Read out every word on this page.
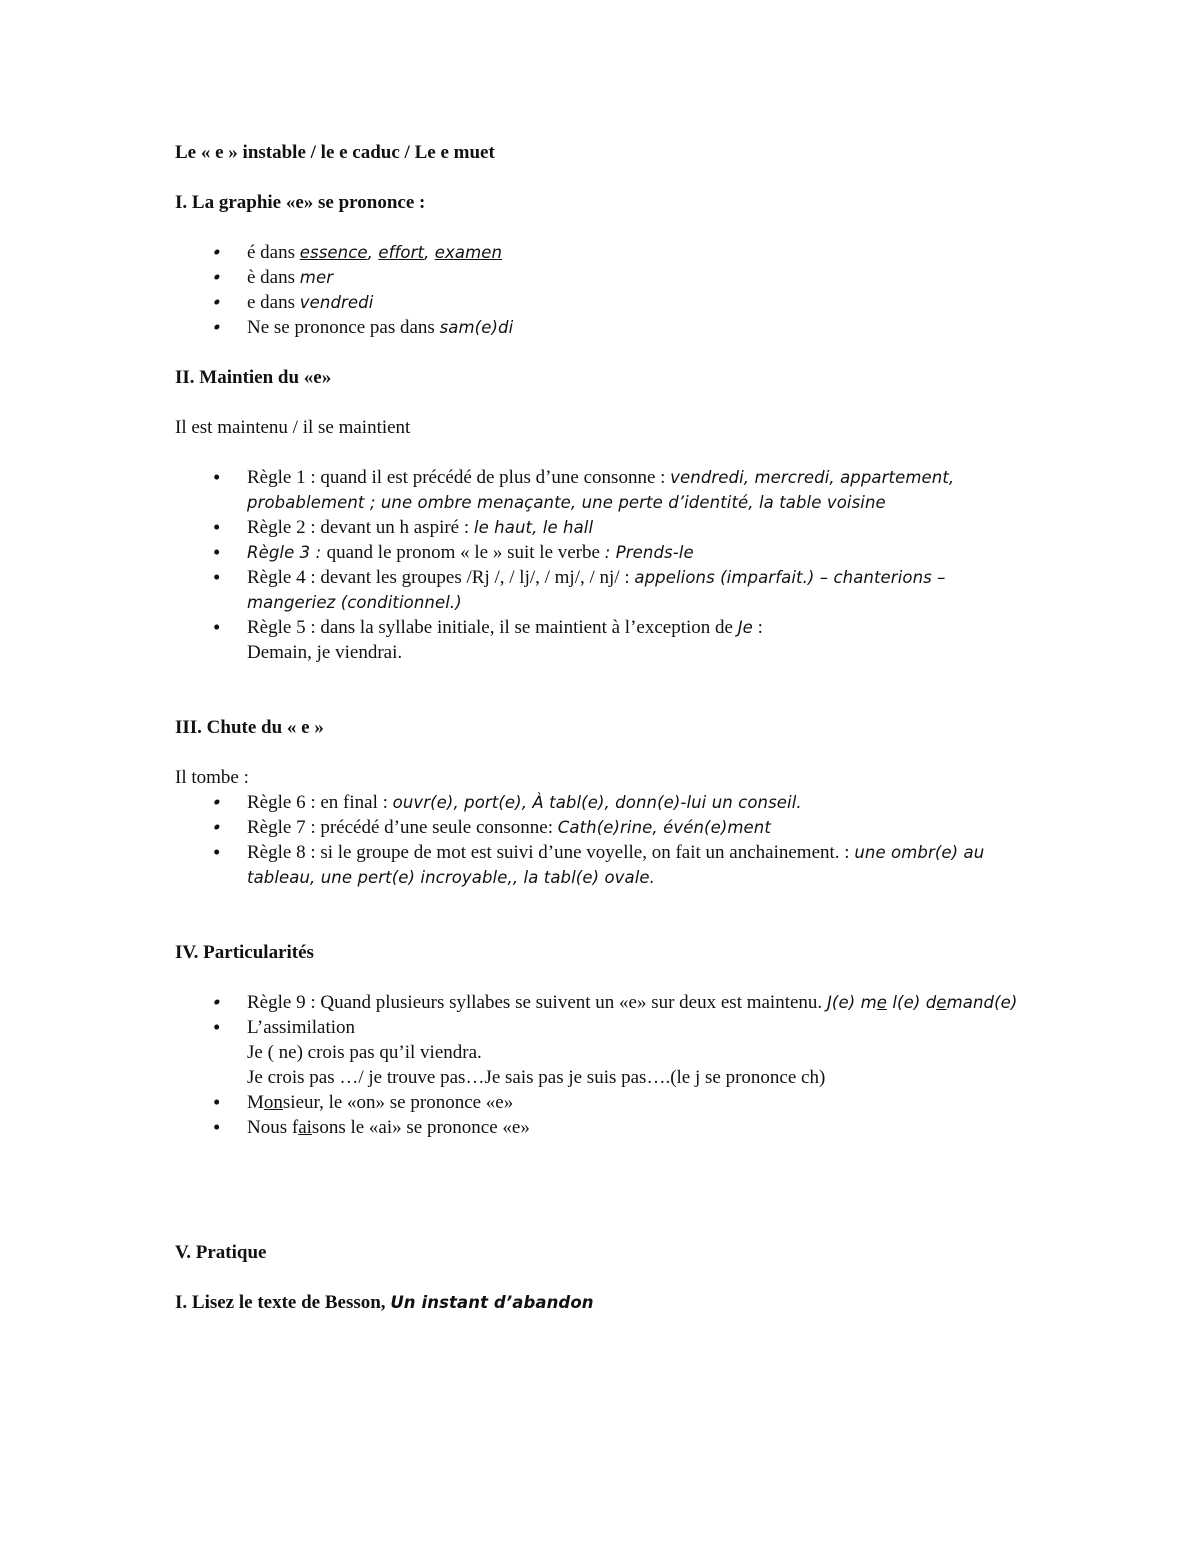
Le « e » instable / le e caduc / Le e muet

I. La graphie «e» se prononce :

•
é dans essence, effort, examen
•
è dans mer
•
e dans vendredi
•
Ne se prononce pas dans sam(e)di

II. Maintien du «e»

Il est maintenu / il se maintient

•
Règle 1 : quand il est précédé de plus d’une consonne : vendredi, mercredi, appartement, probablement ; une ombre menaçante, une perte d’identité, la table voisine
•
Règle 2 : devant un h aspiré : le haut, le hall
•
Règle 3 : quand le pronom « le » suit le verbe : Prends-le
•
Règle 4 : devant les groupes /Rj /, / lj/, / mj/, / nj/ : appelions (imparfait.) – chanterions – mangeriez (conditionnel.)
•
Règle 5 : dans la syllabe initiale, il se maintient à l’exception de Je :
Demain, je viendrai.

III. Chute du « e »

Il tombe :

•
Règle 6 : en final : ouvr(e), port(e), À tabl(e), donn(e)-lui un conseil.
•
Règle 7 : précédé d’une seule consonne: Cath(e)rine, évén(e)ment
•
Règle 8 : si le groupe de mot est suivi d’une voyelle, on fait un anchainement. : une ombr(e) au tableau, une pert(e) incroyable,, la tabl(e) ovale.

IV. Particularités

•
Règle 9 : Quand plusieurs syllabes se suivent un «e» sur deux est maintenu. J(e) me l(e) demand(e)
•
L’assimilation
Je ( ne) crois pas qu’il viendra.
Je crois pas …/ je trouve pas…Je sais pas je suis pas….(le j se prononce ch)
•
Monsieur, le «on» se prononce «e»
•
Nous faisons le «ai» se prononce «e»

V. Pratique

I. Lisez le texte de Besson, Un instant d’abandon
